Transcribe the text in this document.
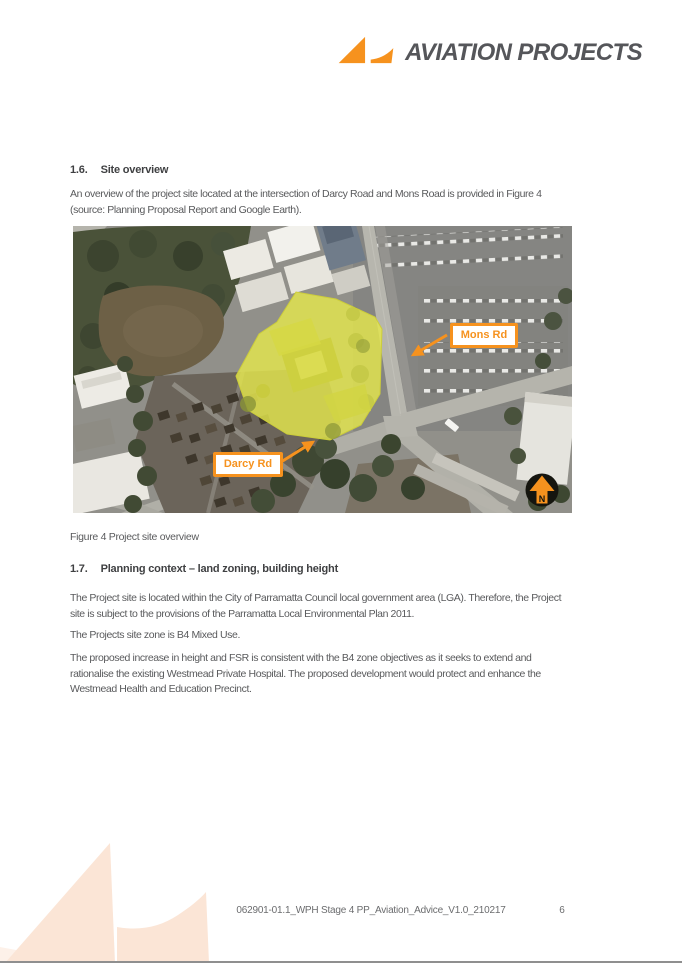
AVIATION PROJECTS
1.6. Site overview
An overview of the project site located at the intersection of Darcy Road and Mons Road is provided in Figure 4
(source: Planning Proposal Report and Google Earth).
N
Mons Rd
Darcy Rd
Figure 4 Project site overview
1.7. Planning context – land zoning, building height
The Project site is located within the City of Parramatta Council local government area (LGA). Therefore, the Project
site is subject to the provisions of the Parramatta Local Environmental Plan 2011.
The Projects site zone is B4 Mixed Use.
The proposed increase in height and FSR is consistent with the B4 zone objectives as it seeks to extend and
rationalise the existing Westmead Private Hospital. The proposed development would protect and enhance the
Westmead Health and Education Precinct.
062901-01.1_WPH Stage 4 PP_Aviation_Advice_V1.0_210217	6
